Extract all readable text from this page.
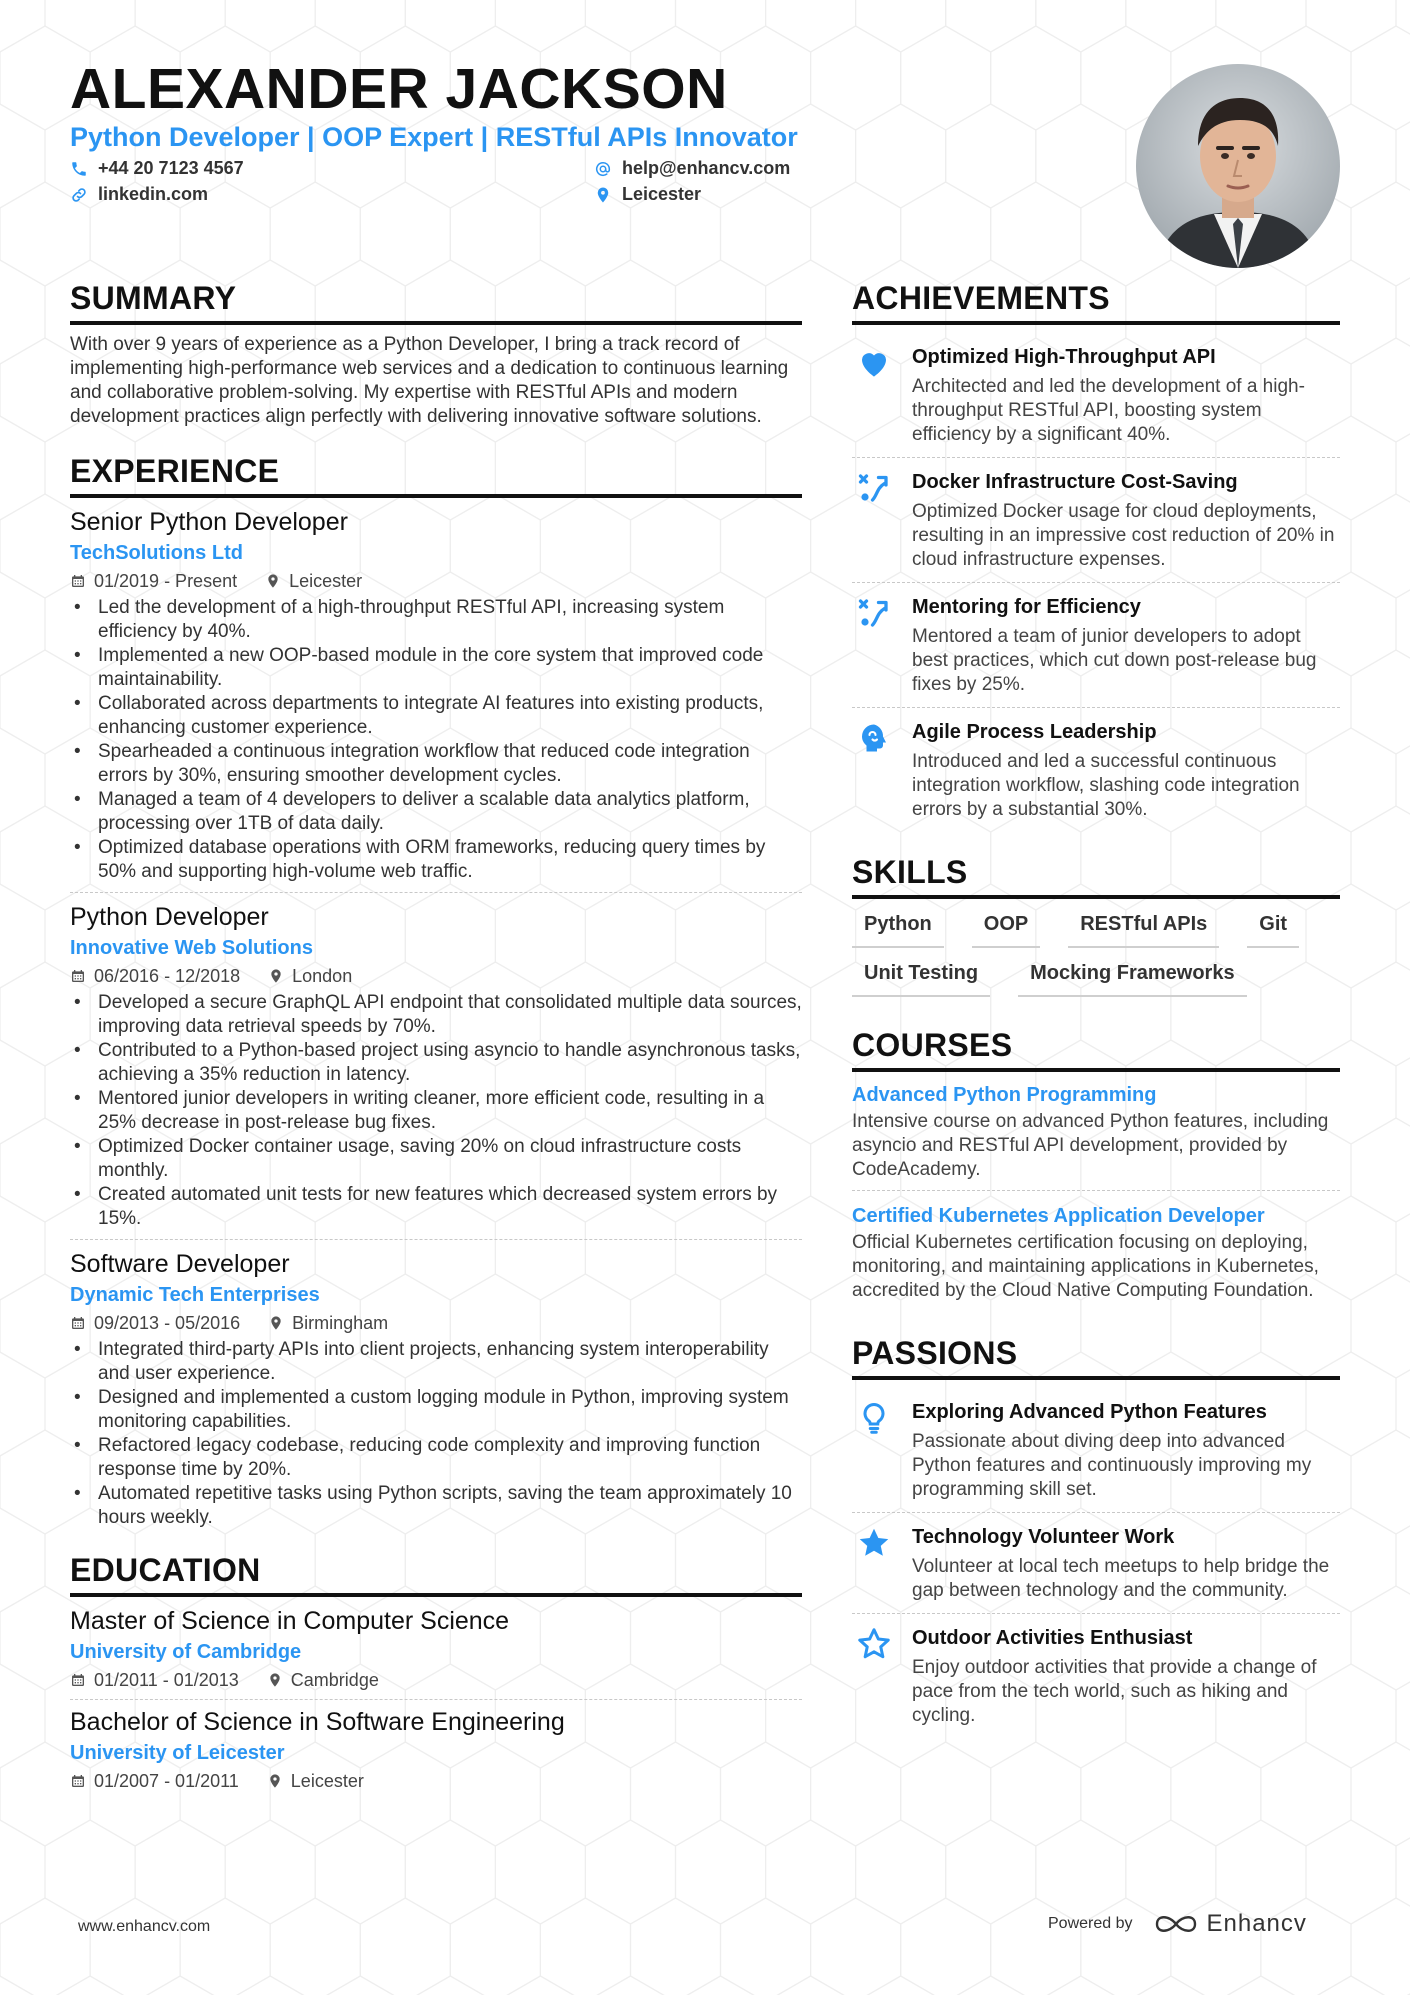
ALEXANDER JACKSON
Python Developer | OOP Expert | RESTful APIs Innovator
+44 20 7123 4567
linkedin.com
help@enhancv.com
Leicester
SUMMARY
With over 9 years of experience as a Python Developer, I bring a track record of implementing high-performance web services and a dedication to continuous learning and collaborative problem-solving. My expertise with RESTful APIs and modern development practices align perfectly with delivering innovative software solutions.
EXPERIENCE
Senior Python Developer
TechSolutions Ltd
01/2019 - Present	Leicester
• Led the development of a high-throughput RESTful API, increasing system efficiency by 40%.
• Implemented a new OOP-based module in the core system that improved code maintainability.
• Collaborated across departments to integrate AI features into existing products, enhancing customer experience.
• Spearheaded a continuous integration workflow that reduced code integration errors by 30%, ensuring smoother development cycles.
• Managed a team of 4 developers to deliver a scalable data analytics platform, processing over 1TB of data daily.
• Optimized database operations with ORM frameworks, reducing query times by 50% and supporting high-volume web traffic.
Python Developer
Innovative Web Solutions
06/2016 - 12/2018	London
• Developed a secure GraphQL API endpoint that consolidated multiple data sources, improving data retrieval speeds by 70%.
• Contributed to a Python-based project using asyncio to handle asynchronous tasks, achieving a 35% reduction in latency.
• Mentored junior developers in writing cleaner, more efficient code, resulting in a 25% decrease in post-release bug fixes.
• Optimized Docker container usage, saving 20% on cloud infrastructure costs monthly.
• Created automated unit tests for new features which decreased system errors by 15%.
Software Developer
Dynamic Tech Enterprises
09/2013 - 05/2016	Birmingham
• Integrated third-party APIs into client projects, enhancing system interoperability and user experience.
• Designed and implemented a custom logging module in Python, improving system monitoring capabilities.
• Refactored legacy codebase, reducing code complexity and improving function response time by 20%.
• Automated repetitive tasks using Python scripts, saving the team approximately 10 hours weekly.
EDUCATION
Master of Science in Computer Science
University of Cambridge
01/2011 - 01/2013	Cambridge
Bachelor of Science in Software Engineering
University of Leicester
01/2007 - 01/2011	Leicester
ACHIEVEMENTS
Optimized High-Throughput API
Architected and led the development of a high-throughput RESTful API, boosting system efficiency by a significant 40%.
Docker Infrastructure Cost-Saving
Optimized Docker usage for cloud deployments, resulting in an impressive cost reduction of 20% in cloud infrastructure expenses.
Mentoring for Efficiency
Mentored a team of junior developers to adopt best practices, which cut down post-release bug fixes by 25%.
Agile Process Leadership
Introduced and led a successful continuous integration workflow, slashing code integration errors by a substantial 30%.
SKILLS
Python	OOP	RESTful APIs	Git
Unit Testing	Mocking Frameworks
COURSES
Advanced Python Programming
Intensive course on advanced Python features, including asyncio and RESTful API development, provided by CodeAcademy.
Certified Kubernetes Application Developer
Official Kubernetes certification focusing on deploying, monitoring, and maintaining applications in Kubernetes, accredited by the Cloud Native Computing Foundation.
PASSIONS
Exploring Advanced Python Features
Passionate about diving deep into advanced Python features and continuously improving my programming skill set.
Technology Volunteer Work
Volunteer at local tech meetups to help bridge the gap between technology and the community.
Outdoor Activities Enthusiast
Enjoy outdoor activities that provide a change of pace from the tech world, such as hiking and cycling.
www.enhancv.com	Powered by	Enhancv
